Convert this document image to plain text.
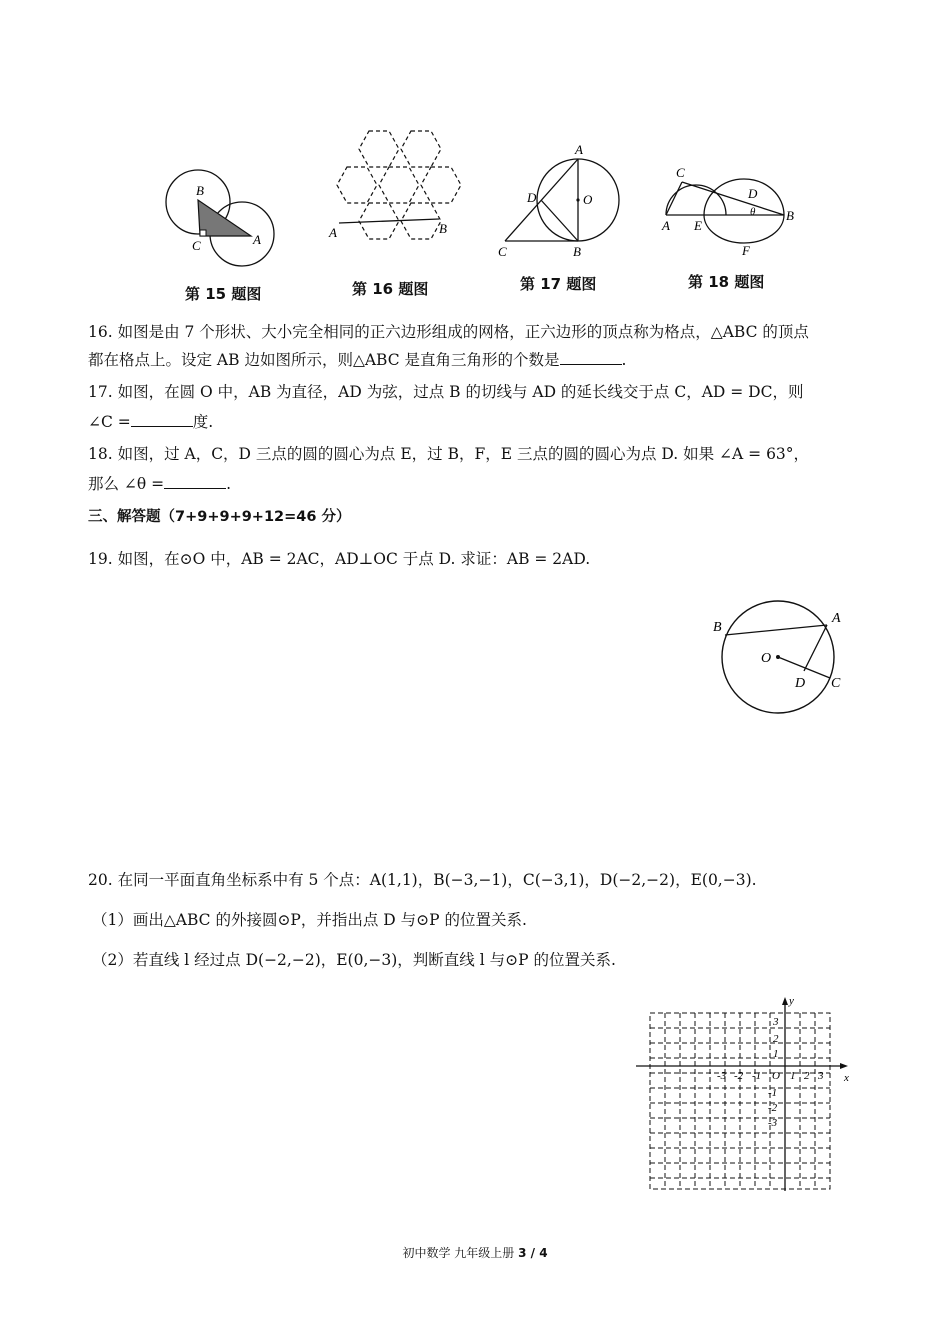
B
C	A
第 15 题图
A	B
第 16 题图
A
D	O
C	B
第 17 题图
A
C
D
θ B
E
F
第 18 题图
16. 如图是由 7 个形状、大小完全相同的正六边形组成的网格，正六边形的顶点称为格点，△ABC 的顶点
都在格点上。设定 AB 边如图所示，则△ABC 是直角三角形的个数是	.
17. 如图，在圆 O 中，AB 为直径，AD 为弦，过点 B 的切线与 AD 的延长线交于点 C，AD = DC，则
∠C =	度.
18. 如图，过 A，C，D 三点的圆的圆心为点 E，过 B，F，E 三点的圆的圆心为点 D. 如果 ∠A = 63°，
那么 ∠θ =	.
三、解答题（7+9+9+9+12=46 分）
19. 如图，在⊙O 中，AB = 2AC，AD⊥OC 于点 D. 求证：AB = 2AD.
B
A
O
D C
20. 在同一平面直角坐标系中有 5 个点：A(1,1)，B(−3,−1)，C(−3,1)，D(−2,−2)，E(0,−3).
（1）画出△ABC 的外接圆⊙P，并指出点 D 与⊙P 的位置关系.
（2）若直线 l 经过点 D(−2,−2)，E(0,−3)，判断直线 l 与⊙P 的位置关系.
x
y
-3 -2 -1 O 1 2 3
3
2
1
-1
-2
-3
初中数学 九年级上册 3 / 4
